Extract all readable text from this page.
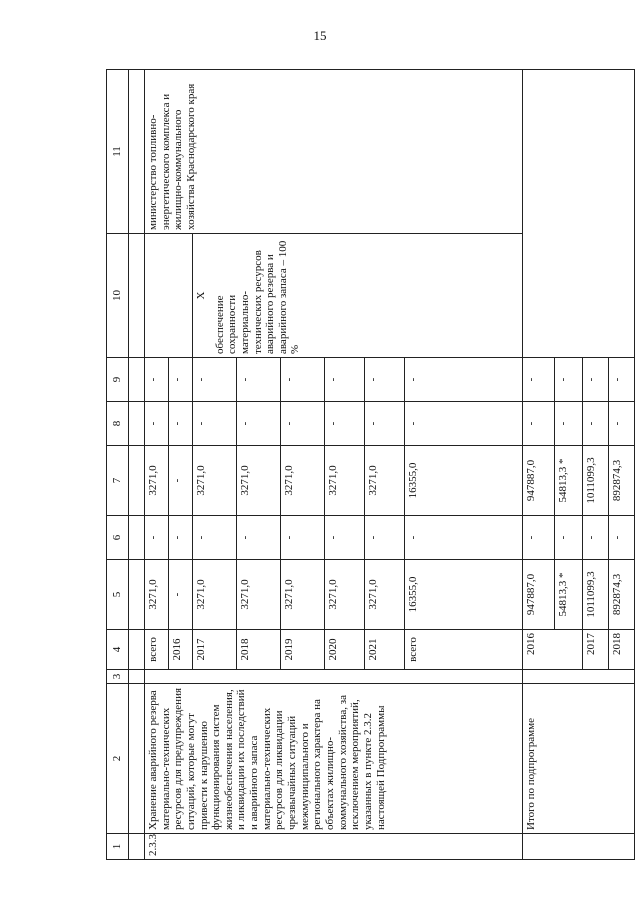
15
1	2	3	4	5	6	7	8	9	10	11

2.3.3	Хранение аварийного резерва материально-технических ресурсов для предупреждения ситуаций, которые могут привести к нарушению функционирования систем жизнеобеспечения населения, и ликвидации их последствий и аварийного запаса материально-технических ресурсов для ликвидации чрезвычайных ситуаций межмуниципального и регионального характера на объектах жилищно-коммунального хозяйства, за исключением мероприятий, указанных в пункте 2.3.2 настоящей Подпрограммы		всего	3271,0	-	3271,0	-	-		министерство топливно-энергетического комплекса и жилищно-коммунального хозяйства Краснодарского края
			2016	-	-	-	-	-		
			2017	3271,0	-	3271,0	-	-	X обеспечение сохранности материально-технических ресурсов аварийного резерва и аварийного запаса – 100 %	

			2018	3271,0	-	3271,0	-	-		
			2019	3271,0	-	3271,0	-	-		
			2020	3271,0	-	3271,0	-	-		
			2021	3271,0	-	3271,0	-	-		
			всего	16355,0	-	16355,0	-	-		
	Итого по подпрограмме		2016	947887,0	-	947887,0	-	-		
				54813,3 *	-	54813,3 *	-	-		
			2017	1011099,3	-	1011099,3	-	-		
			2018	892874,3	-	892874,3	-	-		
